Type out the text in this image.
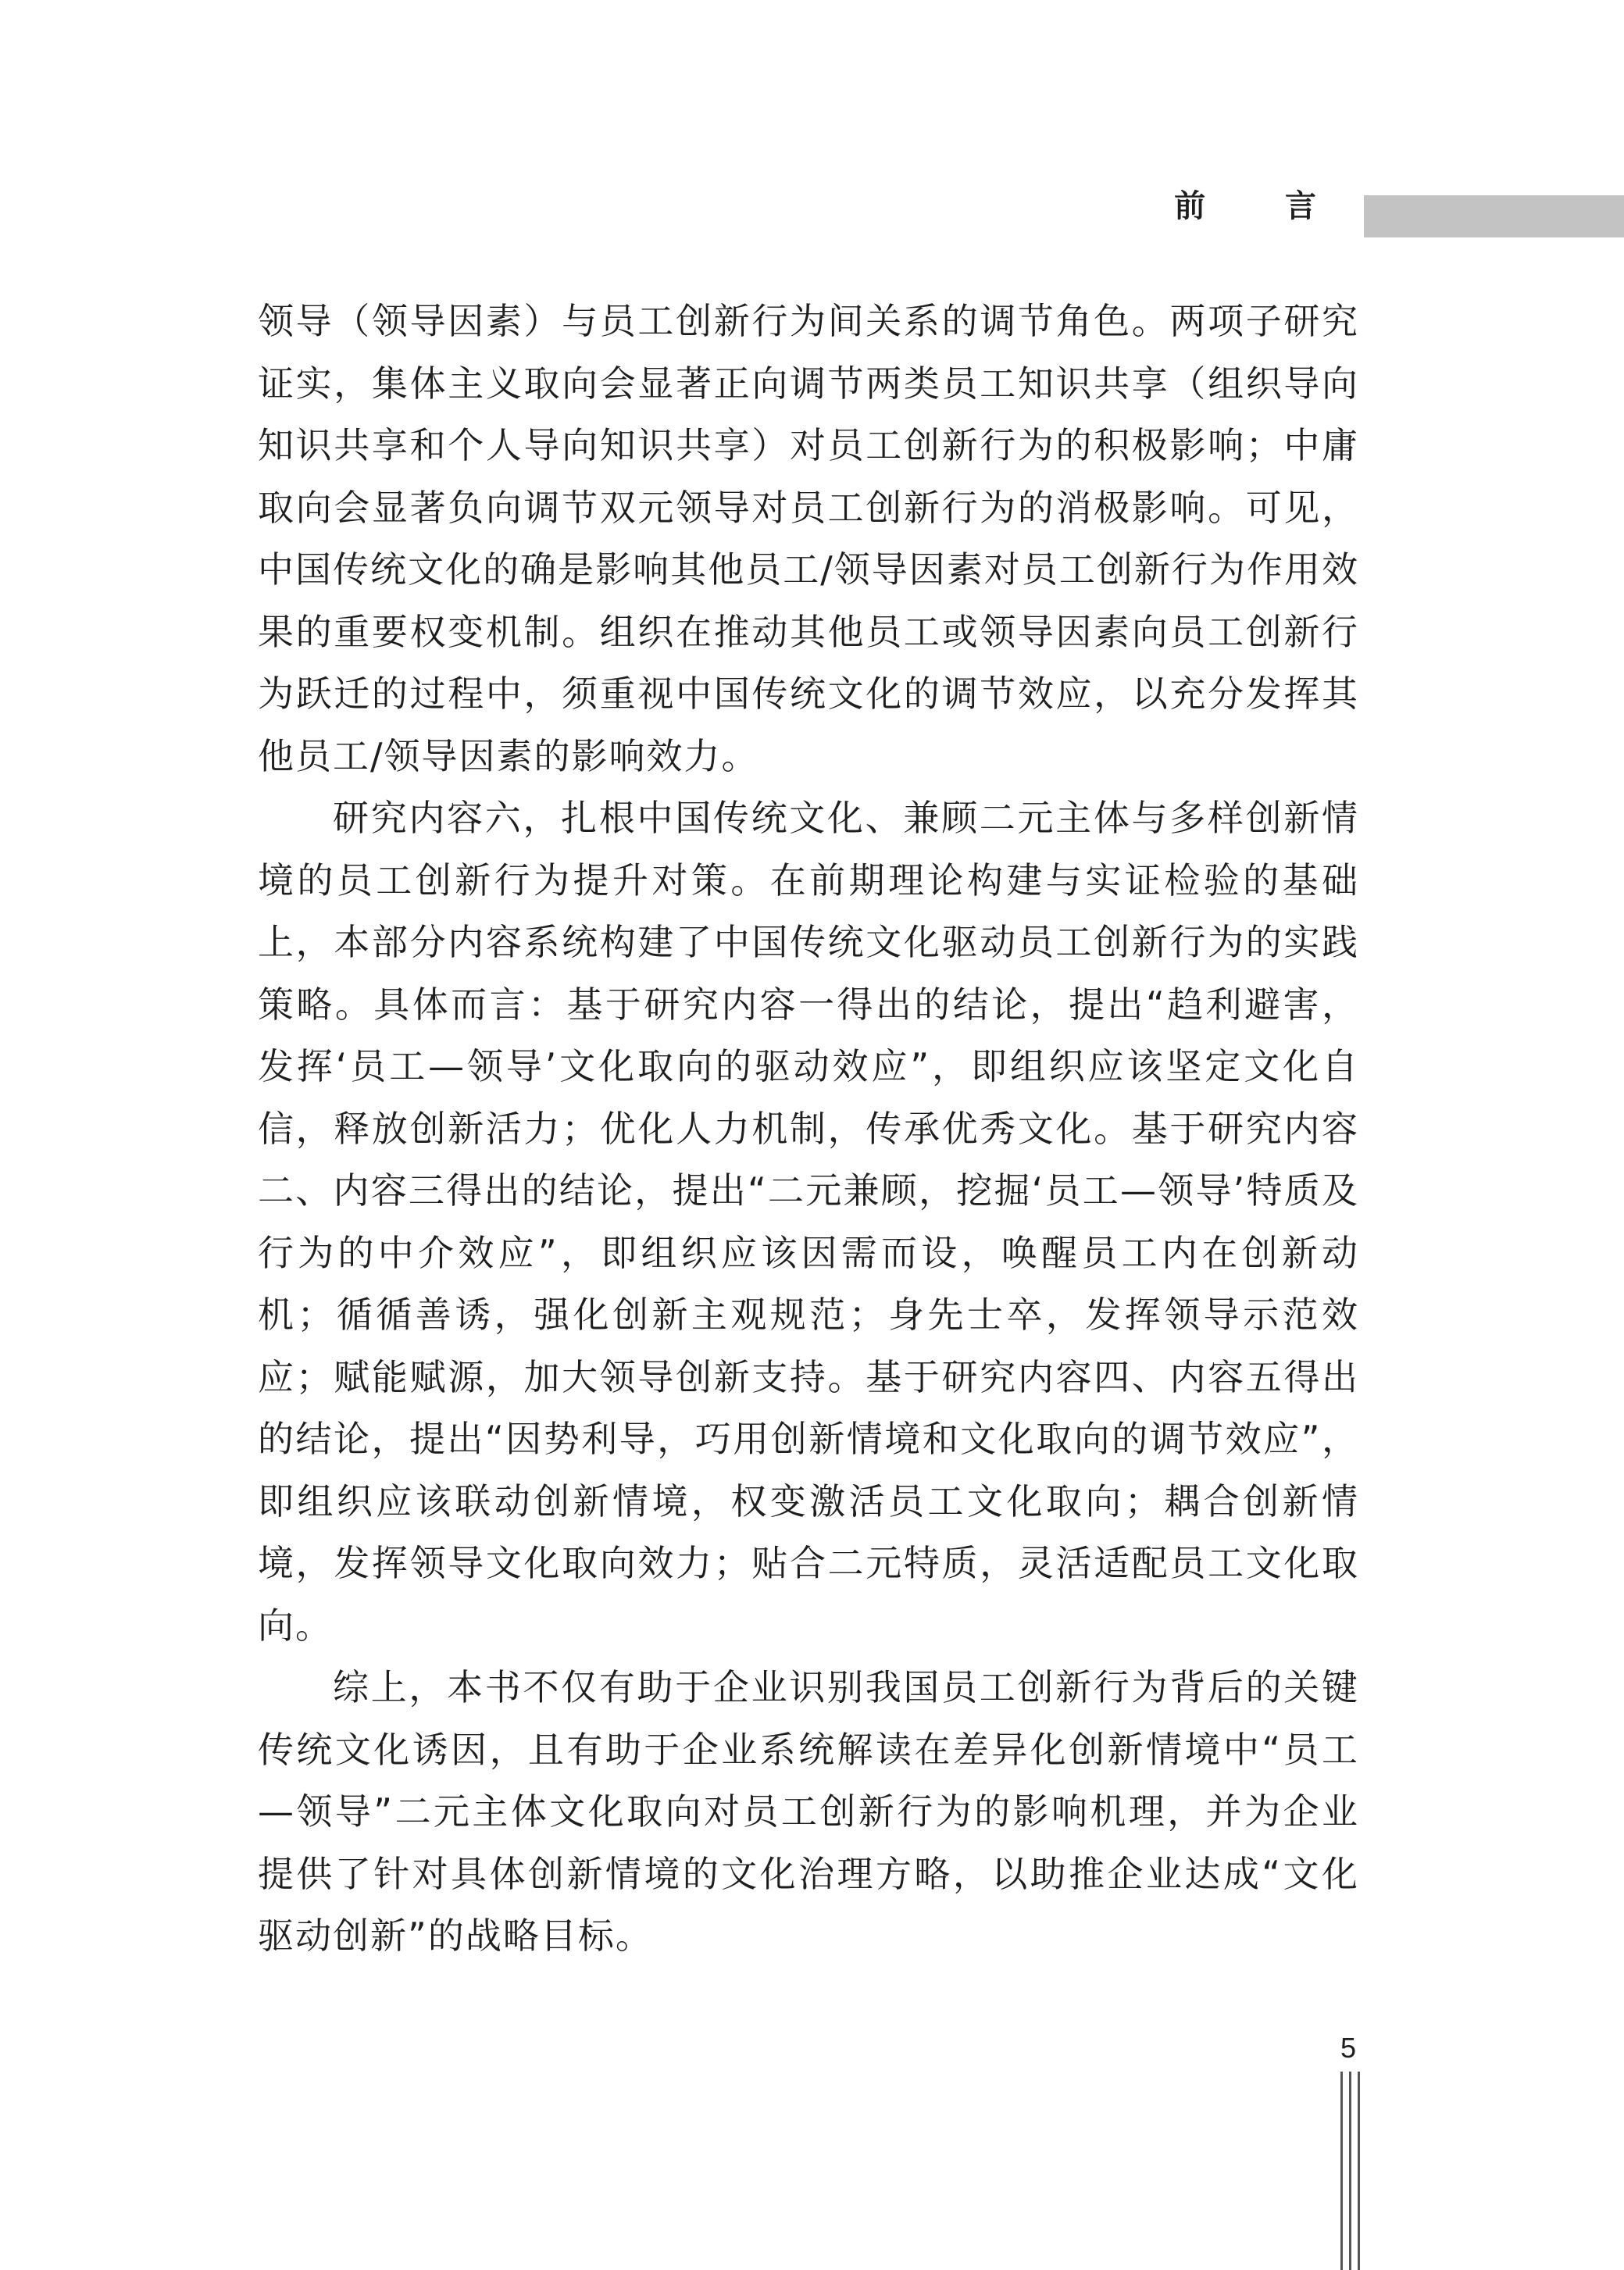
前 言

领导（领导因素）与员工创新行为间关系的调节角色。两项子研究证实，集体主义取向会显著正向调节两类员工知识共享（组织导向知识共享和个人导向知识共享）对员工创新行为的积极影响；中庸取向会显著负向调节双元领导对员工创新行为的消极影响。可见，中国传统文化的确是影响其他员工/领导因素对员工创新行为作用效果的重要权变机制。组织在推动其他员工或领导因素向员工创新行为跃迁的过程中，须重视中国传统文化的调节效应，以充分发挥其他员工/领导因素的影响效力。

研究内容六，扎根中国传统文化、兼顾二元主体与多样创新情境的员工创新行为提升对策。在前期理论构建与实证检验的基础上，本部分内容系统构建了中国传统文化驱动员工创新行为的实践策略。具体而言：基于研究内容一得出的结论，提出“趋利避害，发挥‘员工—领导’文化取向的驱动效应”，即组织应该坚定文化自信，释放创新活力；优化人力机制，传承优秀文化。基于研究内容二、内容三得出的结论，提出“二元兼顾，挖掘‘员工—领导’特质及行为的中介效应”，即组织应该因需而设，唤醒员工内在创新动机；循循善诱，强化创新主观规范；身先士卒，发挥领导示范效应；赋能赋源，加大领导创新支持。基于研究内容四、内容五得出的结论，提出“因势利导，巧用创新情境和文化取向的调节效应”，即组织应该联动创新情境，权变激活员工文化取向；耦合创新情境，发挥领导文化取向效力；贴合二元特质，灵活适配员工文化取向。

综上，本书不仅有助于企业识别我国员工创新行为背后的关键传统文化诱因，且有助于企业系统解读在差异化创新情境中“员工—领导”二元主体文化取向对员工创新行为的影响机理，并为企业提供了针对具体创新情境的文化治理方略，以助推企业达成“文化驱动创新”的战略目标。

5
